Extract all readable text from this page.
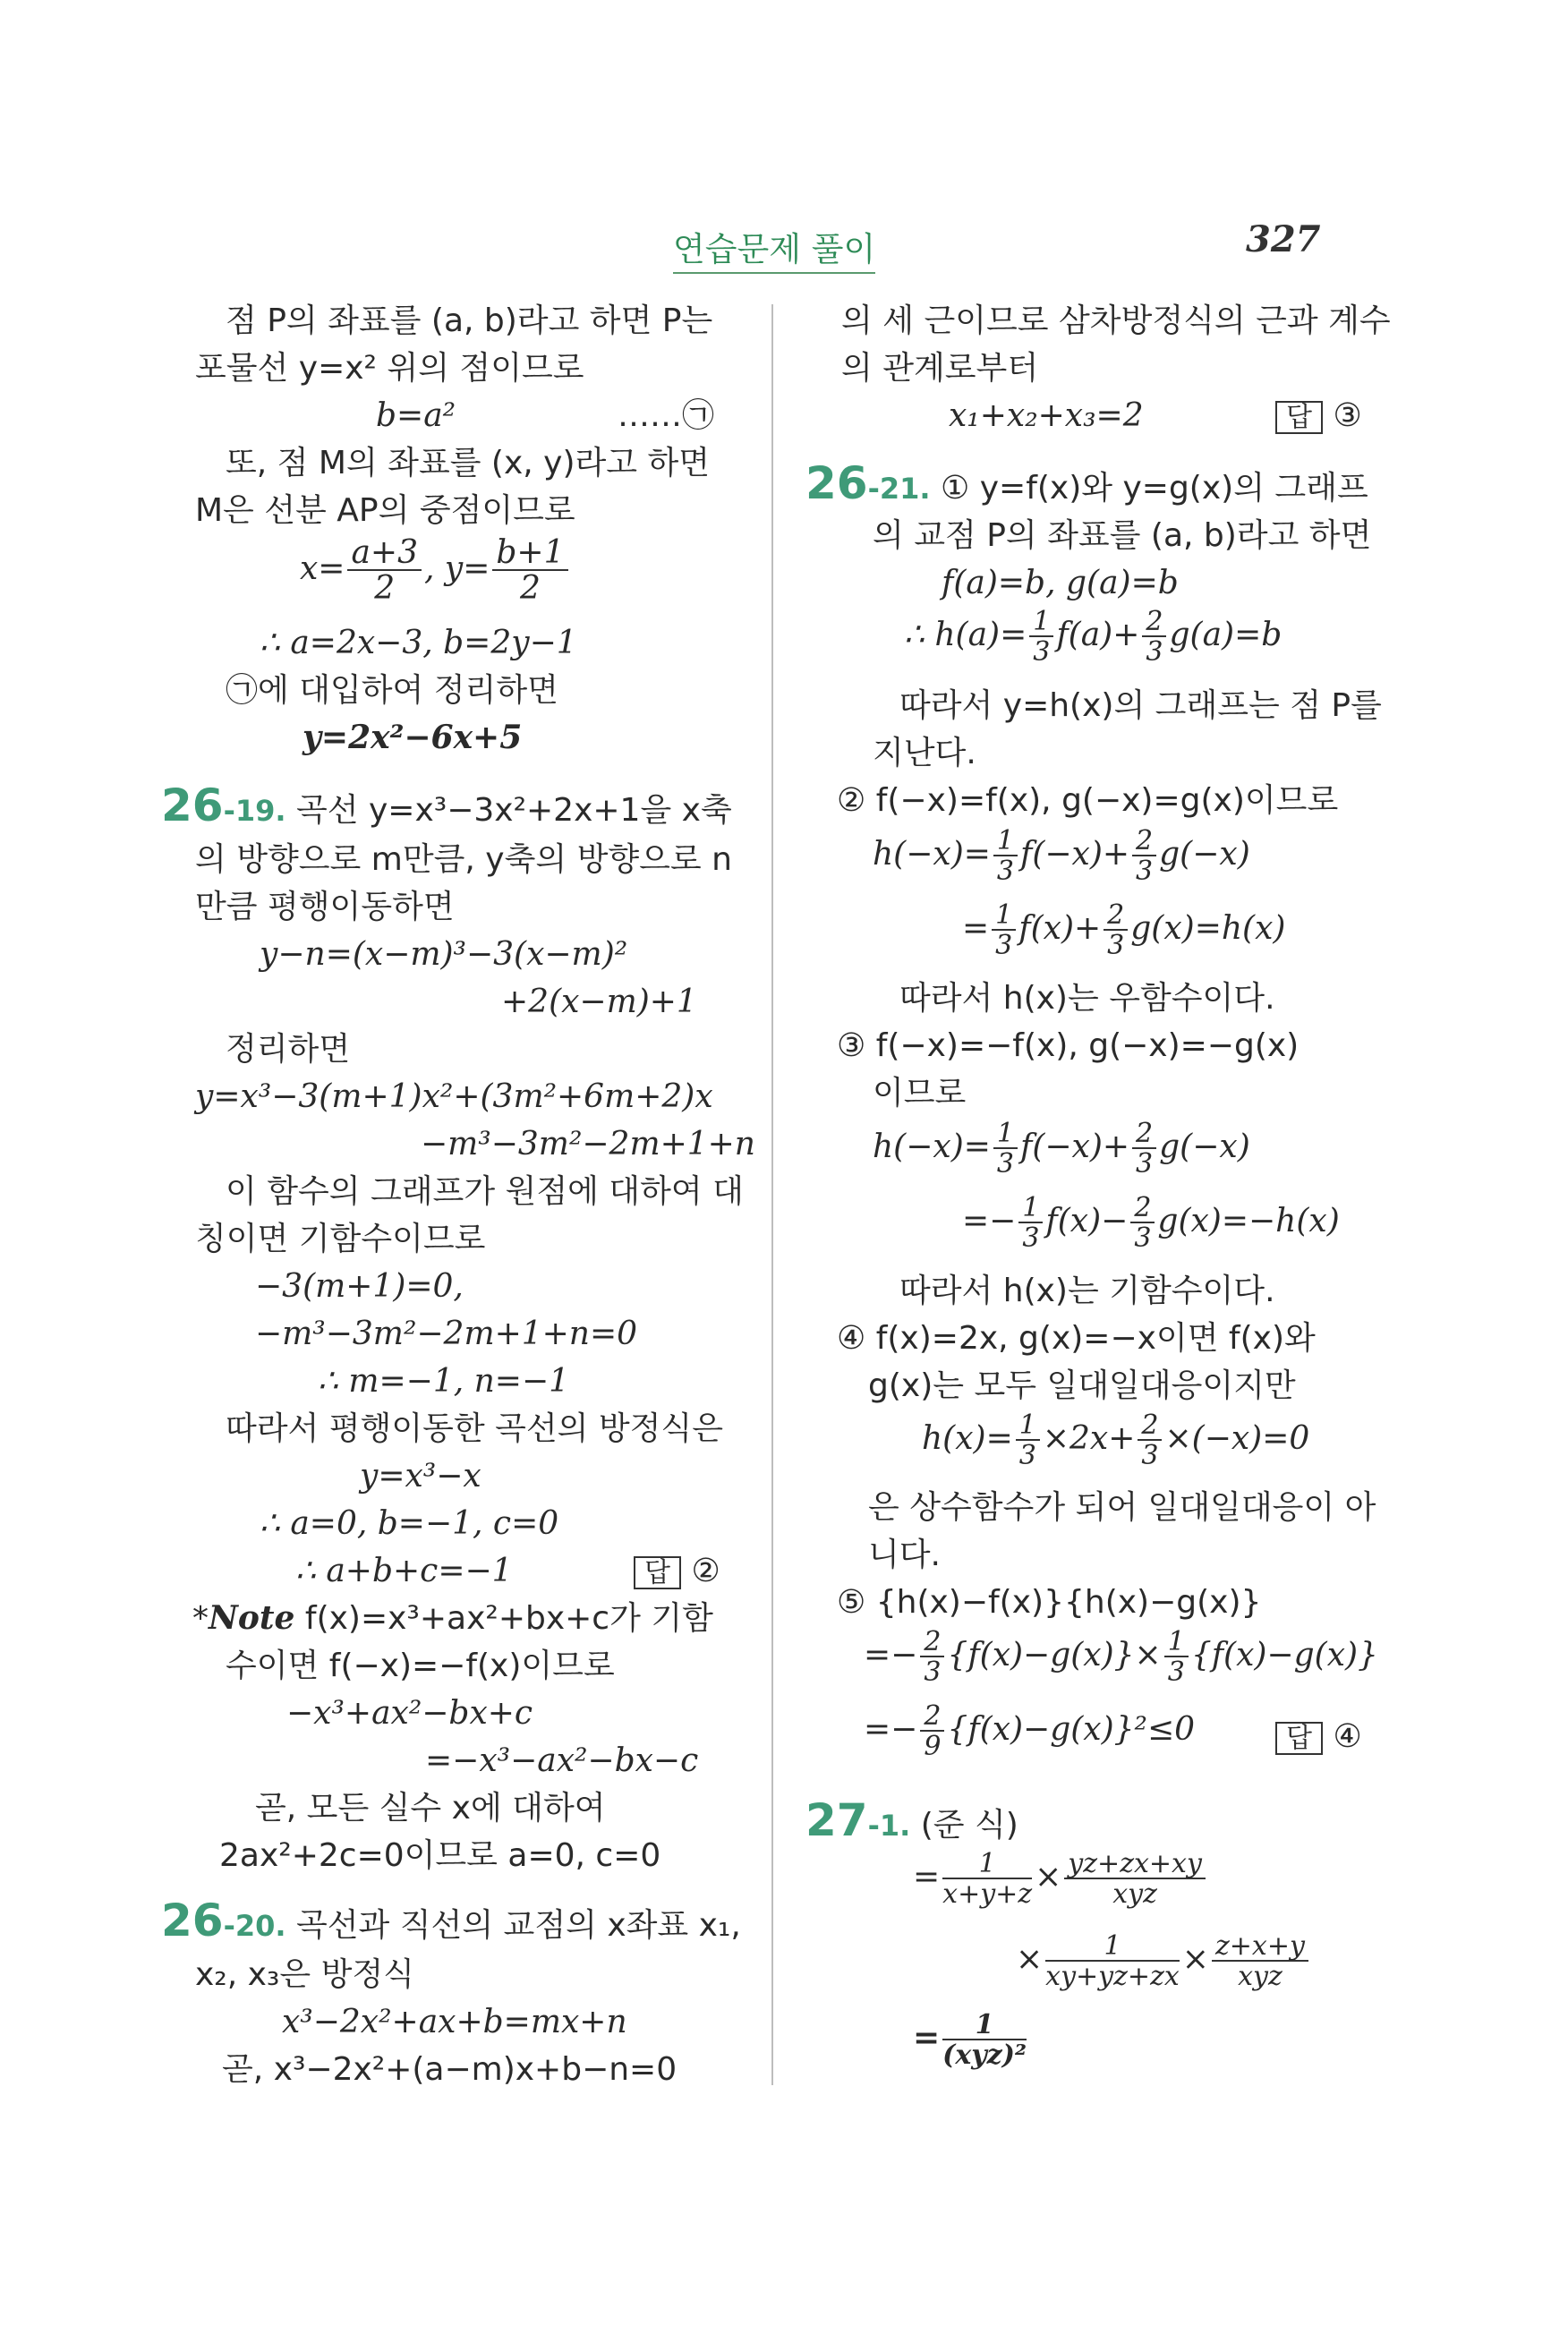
연습문제 풀이	327
점 P의 좌표를 (a, b)라고 하면 P는
포물선 y=x² 위의 점이므로
b=a²	……㉠
또, 점 M의 좌표를 (x, y)라고 하면
M은 선분 AP의 중점이므로
$x= \frac{a+3}{2}$ , $y= \frac{b+1}{2}$
∴ a=2x−3, b=2y−1
㉠에 대입하여 정리하면
y=2x²−6x+5
26-19. 곡선 y=x³−3x²+2x+1을 x축
의 방향으로 m만큼, y축의 방향으로 n
만큼 평행이동하면
y−n=(x−m)³−3(x−m)²
+2(x−m)+1
정리하면
y=x³−3(m+1)x²+(3m²+6m+2)x
−m³−3m²−2m+1+n
이 함수의 그래프가 원점에 대하여 대
칭이면 기함수이므로
−3(m+1)=0,
−m³−3m²−2m+1+n=0
∴ m=−1, n=−1
따라서 평행이동한 곡선의 방정식은
y=x³−x
∴ a=0, b=−1, c=0
∴ a+b+c=−1	답 ②
*Note f(x)=x³+ax²+bx+c가 기함
수이면 f(−x)=−f(x)이므로
−x³+ax²−bx+c
=−x³−ax²−bx−c
곧, 모든 실수 x에 대하여
2ax²+2c=0이므로 a=0, c=0
26-20. 곡선과 직선의 교점의 x좌표 x₁,
x₂, x₃은 방정식
x³−2x²+ax+b=mx+n
곧, x³−2x²+(a−m)x+b−n=0
의 세 근이므로 삼차방정식의 근과 계수
의 관계로부터
x₁+x₂+x₃=2	답 ③
26-21. ① y=f(x)와 y=g(x)의 그래프
의 교점 P의 좌표를 (a, b)라고 하면
f(a)=b, g(a)=b
∴ $h(a)= \frac{1}{3} f(a)+ \frac{2}{3} g(a)=b$
따라서 y=h(x)의 그래프는 점 P를
지난다.
② f(−x)=f(x), g(−x)=g(x)이므로
$h(-x)= \frac{1}{3} f(-x)+ \frac{2}{3} g(-x)$
= $\frac{1}{3} f(x)+ \frac{2}{3} g(x)=h(x)$
따라서 h(x)는 우함수이다.
③ f(−x)=−f(x), g(−x)=−g(x)
이므로
$h(-x)= \frac{1}{3} f(-x)+ \frac{2}{3} g(-x)$
=− $\frac{1}{3} f(x)- \frac{2}{3} g(x)=-h(x)$
따라서 h(x)는 기함수이다.
④ f(x)=2x, g(x)=−x이면 f(x)와
g(x)는 모두 일대일대응이지만
$h(x)= \frac{1}{3} \times 2x+ \frac{2}{3} \times(-x)=0$
은 상수함수가 되어 일대일대응이 아
니다.
⑤ {h(x)−f(x)}{h(x)−g(x)}
=− $\frac{2}{3} \{f(x)-g(x)\}\times \frac{1}{3} \{f(x)-g(x)\}$
=− $\frac{2}{9} \{f(x)-g(x)\}^2\le 0$	답 ④
27-1. (준 식)
= $\frac{1}{x+y+z} \times \frac{yz+zx+xy}{\text{xyz}}$
× $\frac{1}{xy+yz+zx} \times \frac{z+x+y}{\text{xyz}}$
= $\frac{1}{\text{(xyz)²}}$
